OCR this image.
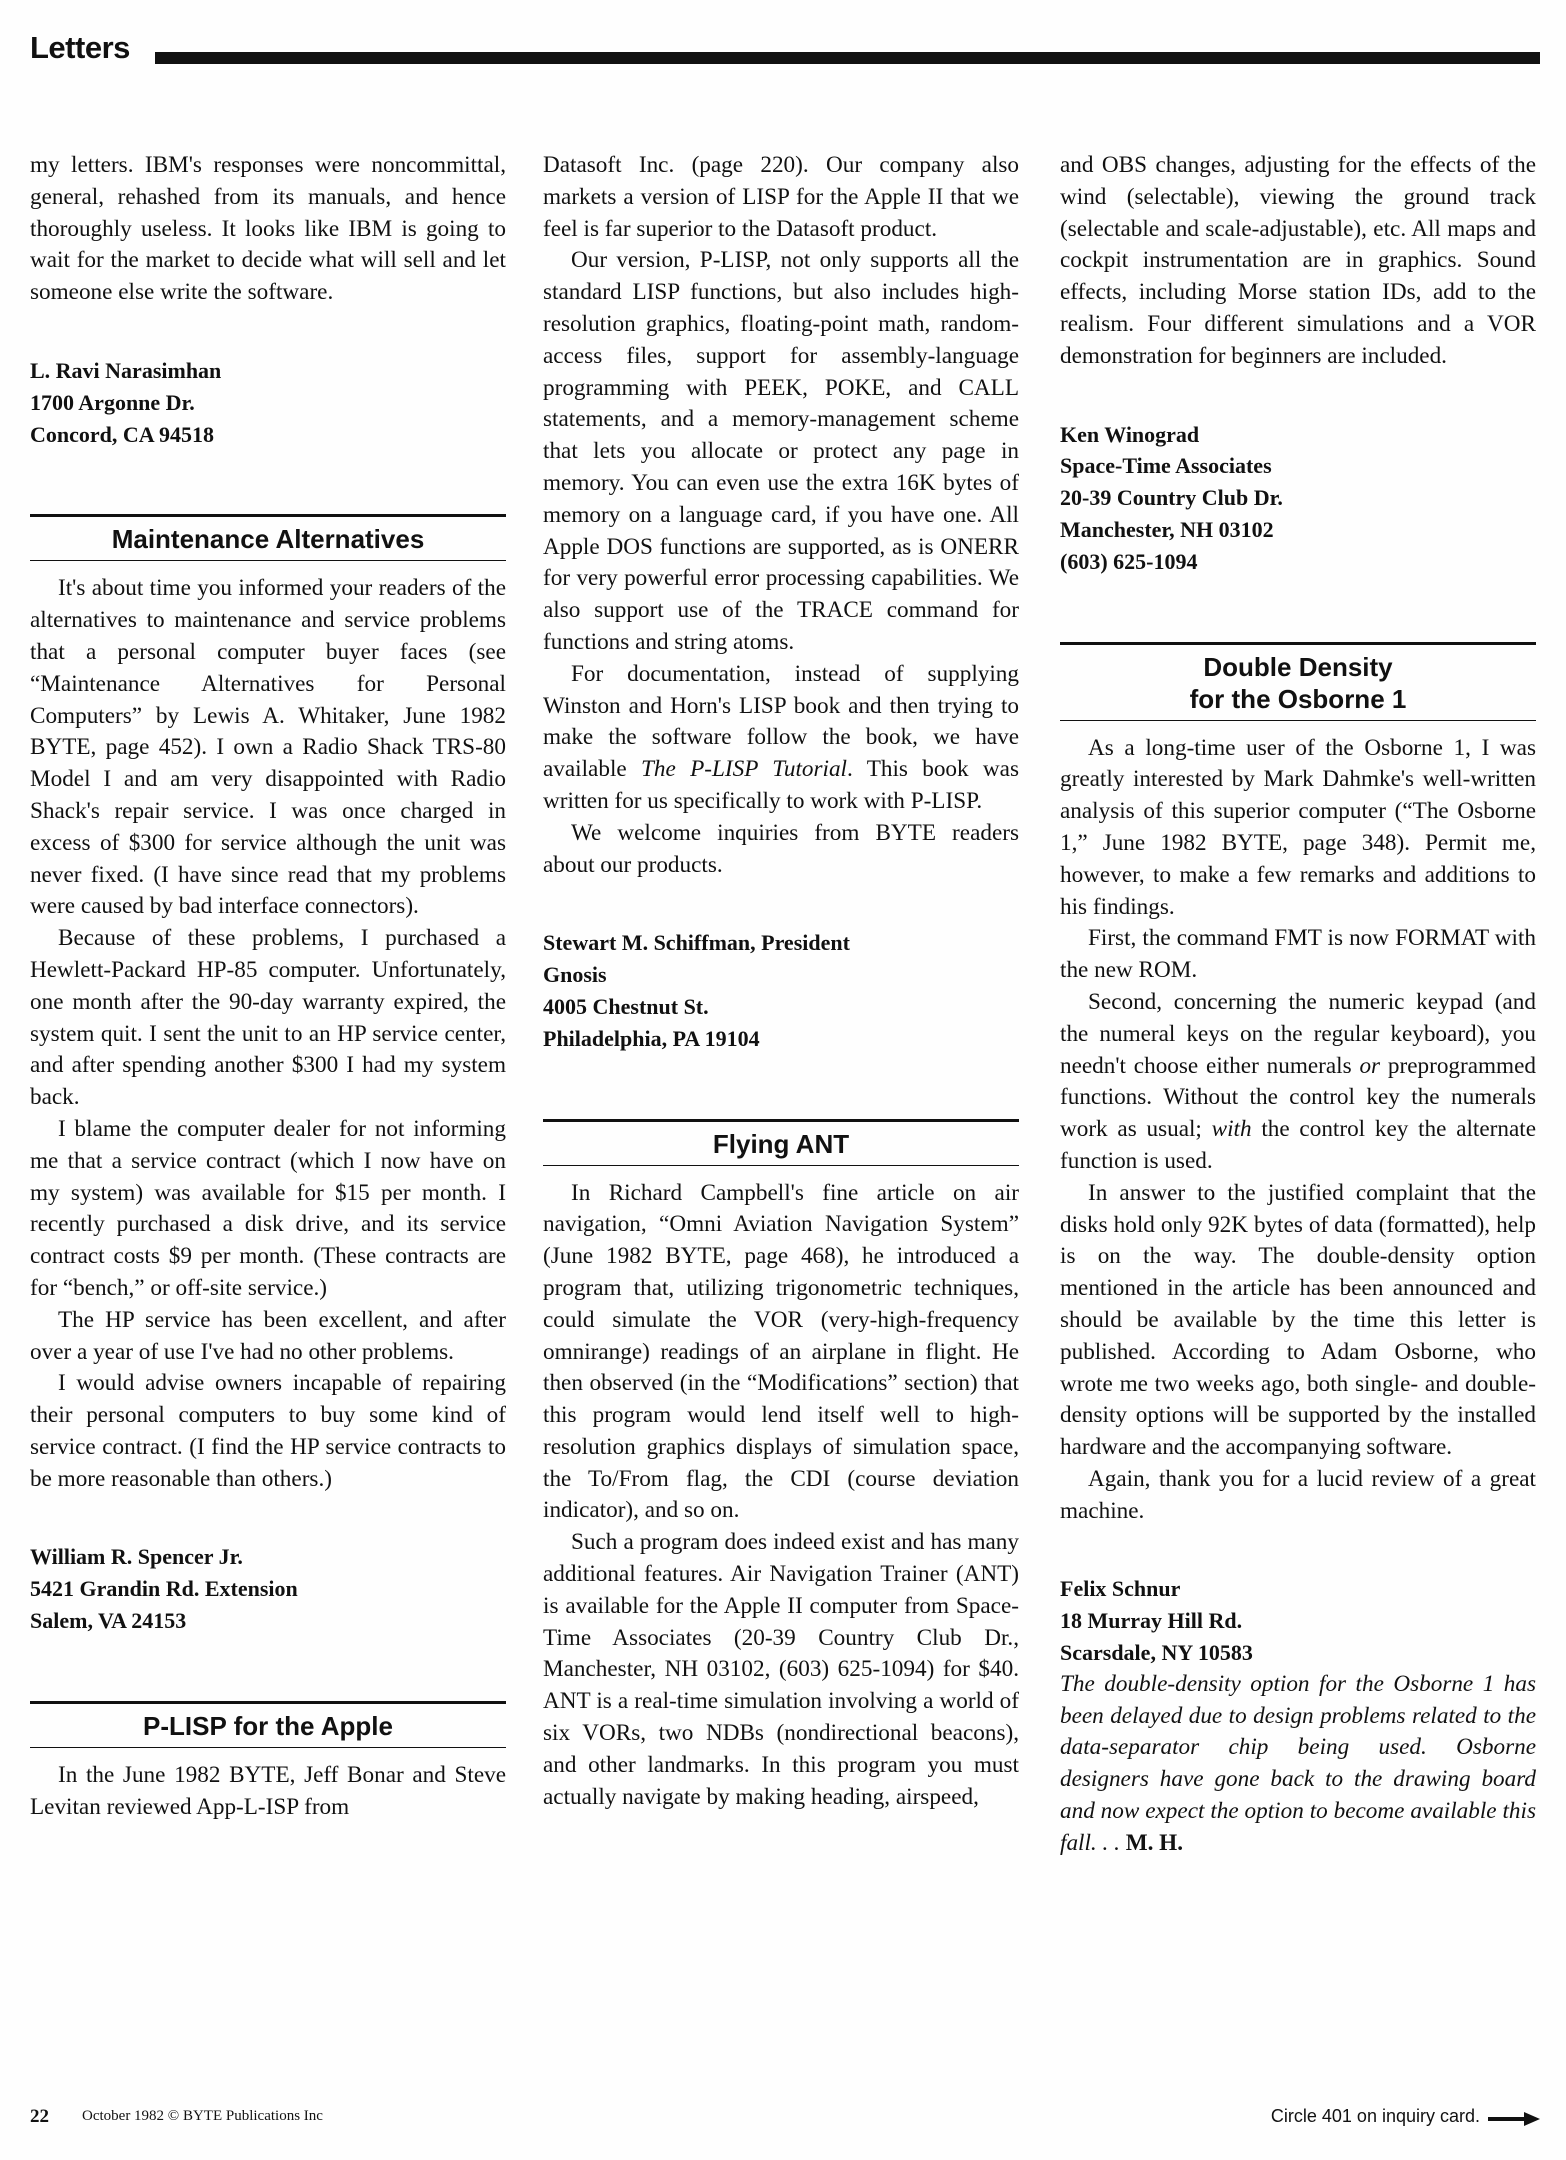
Letters

my letters. IBM's responses were noncommittal, general, rehashed from its manuals, and hence thoroughly useless. It looks like IBM is going to wait for the market to decide what will sell and let someone else write the software.

L. Ravi Narasimhan
1700 Argonne Dr.
Concord, CA 94518
Maintenance Alternatives

It's about time you informed your readers of the alternatives to maintenance and service problems that a personal computer buyer faces (see “Maintenance Alternatives for Personal Computers” by Lewis A. Whitaker, June 1982 BYTE, page 452). I own a Radio Shack TRS-80 Model I and am very disappointed with Radio Shack's repair service. I was once charged in excess of $300 for service although the unit was never fixed. (I have since read that my problems were caused by bad interface connectors).

Because of these problems, I purchased a Hewlett-Packard HP-85 computer. Unfortunately, one month after the 90-day warranty expired, the system quit. I sent the unit to an HP service center, and after spending another $300 I had my system back.

I blame the computer dealer for not informing me that a service contract (which I now have on my system) was available for $15 per month. I recently purchased a disk drive, and its service contract costs $9 per month. (These contracts are for “bench,” or off-site service.)

The HP service has been excellent, and after over a year of use I've had no other problems.

I would advise owners incapable of repairing their personal computers to buy some kind of service contract. (I find the HP service contracts to be more reasonable than others.)

William R. Spencer Jr.
5421 Grandin Rd. Extension
Salem, VA 24153
P-LISP for the Apple

In the June 1982 BYTE, Jeff Bonar and Steve Levitan reviewed App-L-ISP from

Datasoft Inc. (page 220). Our company also markets a version of LISP for the Apple II that we feel is far superior to the Datasoft product.

Our version, P-LISP, not only supports all the standard LISP functions, but also includes high-resolution graphics, floating-point math, random-access files, support for assembly-language programming with PEEK, POKE, and CALL statements, and a memory-management scheme that lets you allocate or protect any page in memory. You can even use the extra 16K bytes of memory on a language card, if you have one. All Apple DOS functions are supported, as is ONERR for very powerful error processing capabilities. We also support use of the TRACE command for functions and string atoms.

For documentation, instead of supplying Winston and Horn's LISP book and then trying to make the software follow the book, we have available The P-LISP Tutorial. This book was written for us specifically to work with P-LISP.

We welcome inquiries from BYTE readers about our products.

Stewart M. Schiffman, President
Gnosis
4005 Chestnut St.
Philadelphia, PA 19104
Flying ANT

In Richard Campbell's fine article on air navigation, “Omni Aviation Navigation System” (June 1982 BYTE, page 468), he introduced a program that, utilizing trigonometric techniques, could simulate the VOR (very-high-frequency omnirange) readings of an airplane in flight. He then observed (in the “Modifications” section) that this program would lend itself well to high-resolution graphics displays of simulation space, the To/From flag, the CDI (course deviation indicator), and so on.

Such a program does indeed exist and has many additional features. Air Navigation Trainer (ANT) is available for the Apple II computer from Space-Time Associates (20-39 Country Club Dr., Manchester, NH 03102, (603) 625-1094) for $40. ANT is a real-time simulation involving a world of six VORs, two NDBs (nondirectional beacons), and other landmarks. In this program you must actually navigate by making heading, airspeed,

and OBS changes, adjusting for the effects of the wind (selectable), viewing the ground track (selectable and scale-adjustable), etc. All maps and cockpit instrumentation are in graphics. Sound effects, including Morse station IDs, add to the realism. Four different simulations and a VOR demonstration for beginners are included.

Ken Winograd
Space-Time Associates
20-39 Country Club Dr.
Manchester, NH 03102
(603) 625-1094
Double Density
for the Osborne 1

As a long-time user of the Osborne 1, I was greatly interested by Mark Dahmke's well-written analysis of this superior computer (“The Osborne 1,” June 1982 BYTE, page 348). Permit me, however, to make a few remarks and additions to his findings.

First, the command FMT is now FORMAT with the new ROM.

Second, concerning the numeric keypad (and the numeral keys on the regular keyboard), you needn't choose either numerals or preprogrammed functions. Without the control key the numerals work as usual; with the control key the alternate function is used.

In answer to the justified complaint that the disks hold only 92K bytes of data (formatted), help is on the way. The double-density option mentioned in the article has been announced and should be available by the time this letter is published. According to Adam Osborne, who wrote me two weeks ago, both single- and double-density options will be supported by the installed hardware and the accompanying software.

Again, thank you for a lucid review of a great machine.

Felix Schnur
18 Murray Hill Rd.
Scarsdale, NY 10583

The double-density option for the Osborne 1 has been delayed due to design problems related to the data-separator chip being used. Osborne designers have gone back to the drawing board and now expect the option to become available this fall. . . M. H.

22 October 1982 © BYTE Publications Inc	Circle 401 on inquiry card.
